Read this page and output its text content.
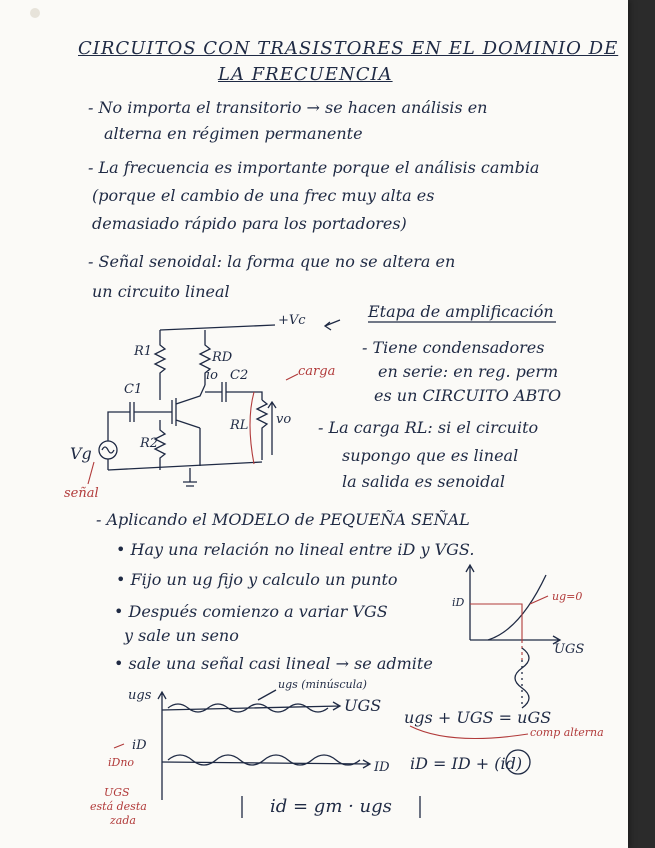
CIRCUITOS CON TRASISTORES EN EL DOMINIO DE
LA FRECUENCIA
- No importa el transitorio → se hacen análisis en
alterna en régimen permanente
- La frecuencia es importante porque el análisis cambia
(porque el cambio de una frec muy alta es
demasiado rápido para los portadores)
- Señal senoidal: la forma que no se altera en
un circuito lineal
+Vc
R1	RD
io C2
C1
RL vo
R2
Vg
carga
señal
Etapa de amplificación
- Tiene condensadores
en serie: en reg. perm
es un CIRCUITO ABTO
- La carga RL: si el circuito
supongo que es lineal
la salida es senoidal
- Aplicando el MODELO de PEQUEÑA SEÑAL
• Hay una relación no lineal entre iD y VGS.
• Fijo un ug fijo y calculo un punto
• Después comienzo a variar VGS
y sale un seno
• sale una señal casi lineal → se admite
iD
UGS
ug=0
ugs
ugs (minúscula)
UGS
iD
iDno	ID
UGS
está desta
zada
ugs + UGS = uGS
comp alterna
iD = ID + (id)
id = gm · ugs
